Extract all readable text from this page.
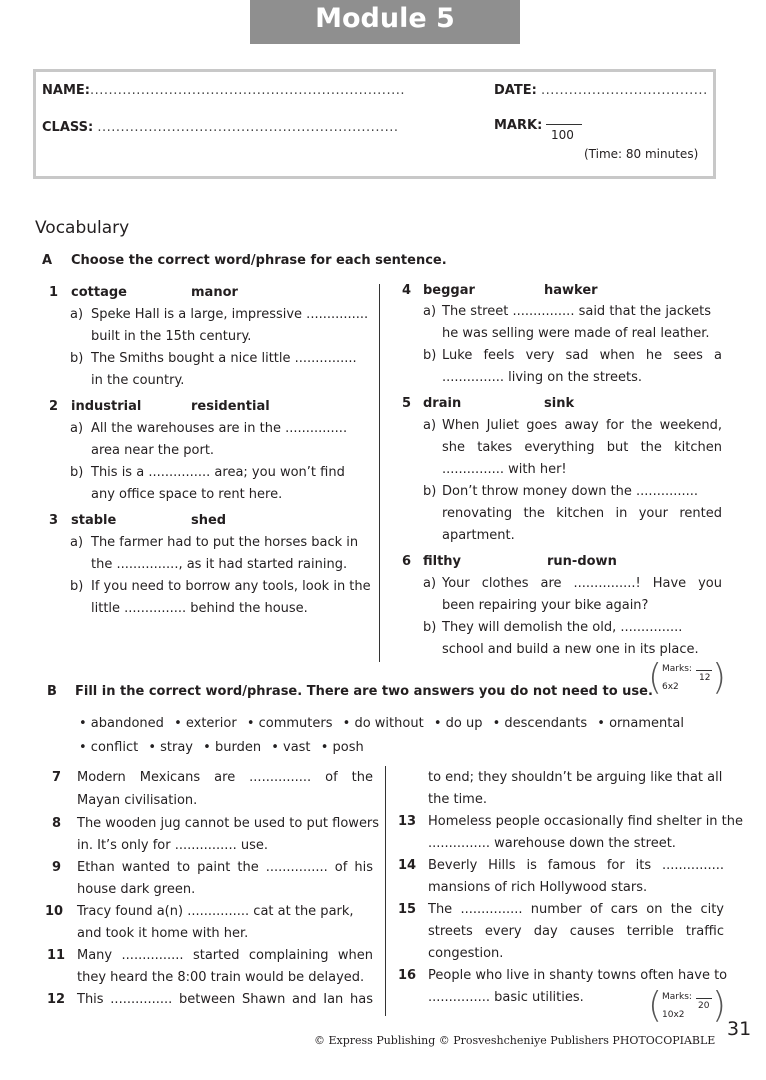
Module 5
NAME:....................................................................	DATE: ....................................
CLASS: .................................................................	MARK:
100
(Time: 80 minutes)
Vocabulary
A Choose the correct word/phrase for each sentence.
1 cottage	manor
a) Speke Hall is a large, impressive ...............
built in the 15th century.
b) The Smiths bought a nice little ...............
in the country.
2 industrial	residential
a) All the warehouses are in the ...............
area near the port.
b) This is a ............... area; you won’t find
any office space to rent here.
3 stable	shed
a) The farmer had to put the horses back in
the ..............., as it had started raining.
b) If you need to borrow any tools, look in the
little ............... behind the house.
4 beggar	hawker
a) The street ............... said that the jackets
he was selling were made of real leather.
b) Luke feels very sad when he sees a
............... living on the streets.
5 drain	sink
a) When Juliet goes away for the weekend,
she takes everything but the kitchen
............... with her!
b) Don’t throw money down the ...............
renovating the kitchen in your rented
apartment.
6 filthy	run-down
a) Your clothes are ...............! Have you
been repairing your bike again?
b) They will demolish the old, ...............
school and build a new one in its place.
( Marks:
12
6x2 )
B Fill in the correct word/phrase. There are two answers you do not need to use.
• abandoned • exterior • commuters • do without • do up • descendants • ornamental
• conflict • stray • burden • vast • posh
7 Modern Mexicans are ............... of the
Mayan civilisation.
8 The wooden jug cannot be used to put flowers
in. It’s only for ............... use.
9 Ethan wanted to paint the ............... of his
house dark green.
10 Tracy found a(n) ............... cat at the park,
and took it home with her.
11 Many ............... started complaining when
they heard the 8:00 train would be delayed.
12 This ............... between Shawn and Ian has
to end; they shouldn’t be arguing like that all
the time.
13 Homeless people occasionally find shelter in the
............... warehouse down the street.
14 Beverly Hills is famous for its ...............
mansions of rich Hollywood stars.
15 The ............... number of cars on the city
streets every day causes terrible traffic
congestion.
16 People who live in shanty towns often have to
............... basic utilities. ( Marks:
20
10x2 )
© Express Publishing © Prosveshcheniye Publishers PHOTOCOPIABLE
31
